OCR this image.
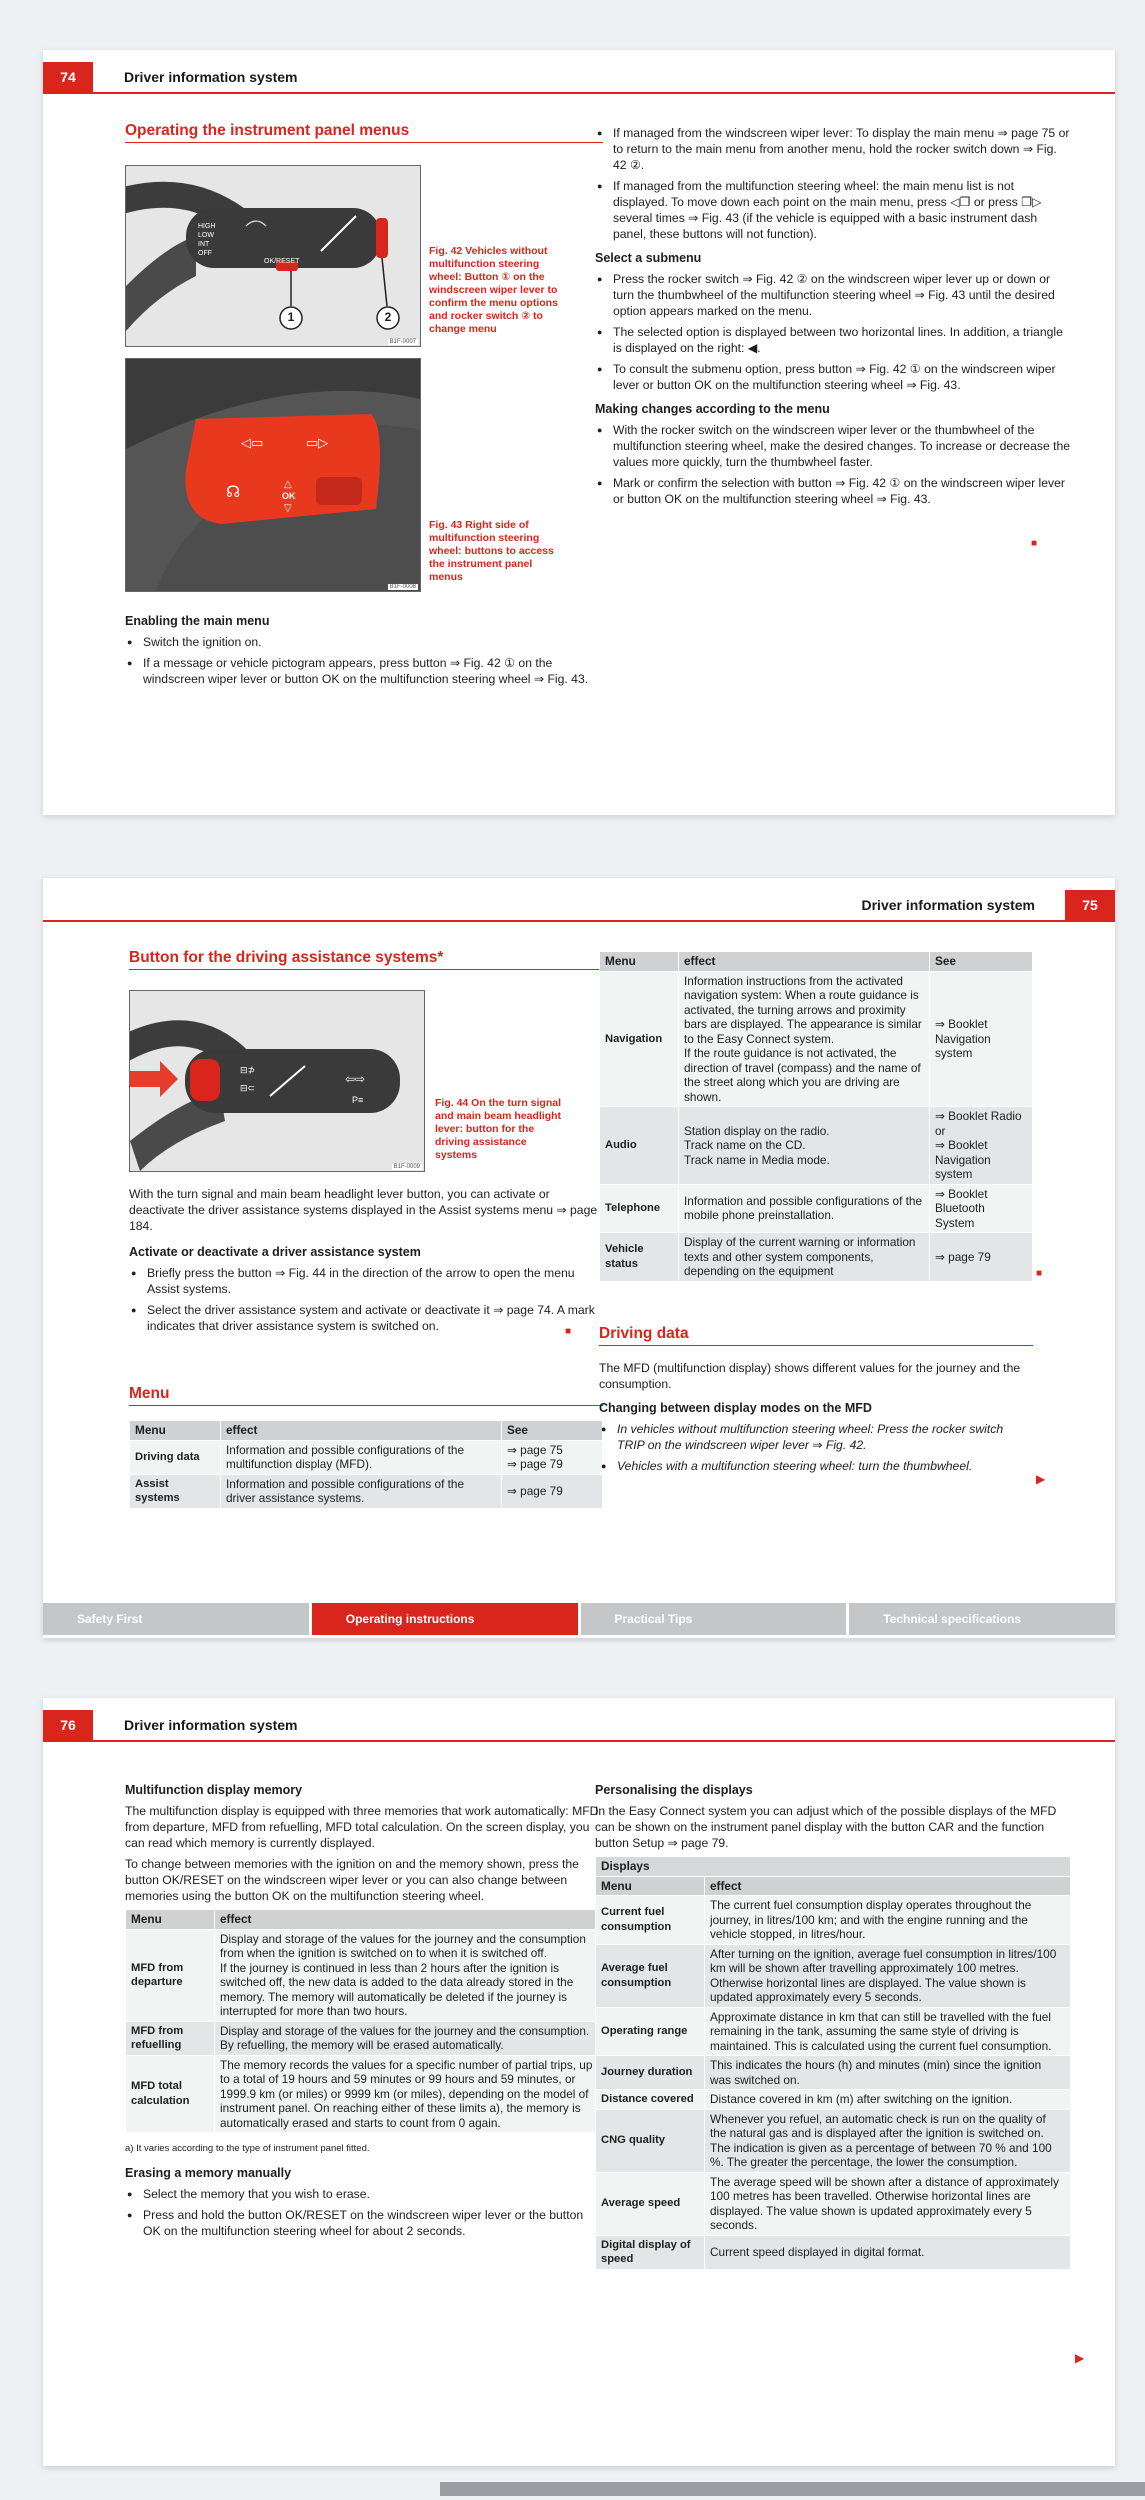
74	Driver information system
Operating the instrument panel menus
HIGH
LOW
INT
OFF
OK/RESET
1	2
B1F-0007
Fig. 42 Vehicles without multifunction steering wheel: Button ① on the windscreen wiper lever to confirm the menu options and rocker switch ② to change menu
◁▭	▭▷
☊	△
OK
▽
B1F-0008
Fig. 43 Right side of multifunction steering wheel: buttons to access the instrument panel menus
Enabling the main menu
● Switch the ignition on.
● If a message or vehicle pictogram appears, press button ⇒ Fig. 42 ① on the windscreen wiper lever or button OK on the multifunction steering wheel ⇒ Fig. 43.
● If managed from the windscreen wiper lever: To display the main menu ⇒ page 75 or to return to the main menu from another menu, hold the rocker switch down ⇒ Fig. 42 ②.
● If managed from the multifunction steering wheel: the main menu list is not displayed. To move down each point on the main menu, press ◁❐ or press ❐▷ several times ⇒ Fig. 43 (if the vehicle is equipped with a basic instrument dash panel, these buttons will not function).
Select a submenu
● Press the rocker switch ⇒ Fig. 42 ② on the windscreen wiper lever up or down or turn the thumbwheel of the multifunction steering wheel ⇒ Fig. 43 until the desired option appears marked on the menu.
● The selected option is displayed between two horizontal lines. In addition, a triangle is displayed on the right: ◀.
● To consult the submenu option, press button ⇒ Fig. 42 ① on the windscreen wiper lever or button OK on the multifunction steering wheel ⇒ Fig. 43.
Making changes according to the menu
● With the rocker switch on the windscreen wiper lever or the thumbwheel of the multifunction steering wheel, make the desired changes. To increase or decrease the values more quickly, turn the thumbwheel faster.
● Mark or confirm the selection with button ⇒ Fig. 42 ① on the windscreen wiper lever or button OK on the multifunction steering wheel ⇒ Fig. 43.
■
Driver information system	75
Button for the driving assistance systems*
⊟⊅
⊟⊂
⇦⇨
P≡
B1F-0009
Fig. 44 On the turn signal and main beam headlight lever: button for the driving assistance systems

With the turn signal and main beam headlight lever button, you can activate or deactivate the driver assistance systems displayed in the Assist systems menu ⇒ page 184.

Activate or deactivate a driver assistance system
● Briefly press the button ⇒ Fig. 44 in the direction of the arrow to open the menu Assist systems.
● Select the driver assistance system and activate or deactivate it ⇒ page 74. A mark indicates that driver assistance system is switched on.	■
Menu
Menu	effect	See
Driving data	Information and possible configurations of the multifunction display (MFD).	⇒ page 75
⇒ page 79
Assist systems	Information and possible configurations of the driver assistance systems.	⇒ page 79
Menu	effect	See
Navigation	Information instructions from the activated navigation system: When a route guidance is activated, the turning arrows and proximity bars are displayed. The appearance is similar to the Easy Connect system.
If the route guidance is not activated, the direction of travel (compass) and the name of the street along which you are driving are shown.	⇒ Booklet Navigation system
Audio	Station display on the radio.
Track name on the CD.
Track name in Media mode.	⇒ Booklet Radio or
⇒ Booklet Navigation system
Telephone	Information and possible configurations of the mobile phone preinstallation.	⇒ Booklet Bluetooth System
Vehicle status	Display of the current warning or information texts and other system components, depending on the equipment	⇒ page 79
■
Driving data

The MFD (multifunction display) shows different values for the journey and the consumption.

Changing between display modes on the MFD
● In vehicles without multifunction steering wheel: Press the rocker switch TRIP on the windscreen wiper lever ⇒ Fig. 42.
● Vehicles with a multifunction steering wheel: turn the thumbwheel.
▶
Safety First	Operating instructions	Practical Tips	Technical specifications
76	Driver information system
Multifunction display memory

The multifunction display is equipped with three memories that work automatically: MFD from departure, MFD from refuelling, MFD total calculation. On the screen display, you can read which memory is currently displayed.

To change between memories with the ignition on and the memory shown, press the button OK/RESET on the windscreen wiper lever or you can also change between memories using the button OK on the multifunction steering wheel.

Menu	effect
MFD from departure	Display and storage of the values for the journey and the consumption from when the ignition is switched on to when it is switched off.
If the journey is continued in less than 2 hours after the ignition is switched off, the new data is added to the data already stored in the memory. The memory will automatically be deleted if the journey is interrupted for more than two hours.
MFD from refuelling	Display and storage of the values for the journey and the consumption. By refuelling, the memory will be erased automatically.
MFD total calculation	The memory records the values for a specific number of partial trips, up to a total of 19 hours and 59 minutes or 99 hours and 59 minutes, or 1999.9 km (or miles) or 9999 km (or miles), depending on the model of instrument panel. On reaching either of these limits a), the memory is automatically erased and starts to count from 0 again.

a) It varies according to the type of instrument panel fitted.

Erasing a memory manually
● Select the memory that you wish to erase.
● Press and hold the button OK/RESET on the windscreen wiper lever or the button OK on the multifunction steering wheel for about 2 seconds.
Personalising the displays

In the Easy Connect system you can adjust which of the possible displays of the MFD can be shown on the instrument panel display with the button CAR and the function button Setup ⇒ page 79.

Displays	
Menu	effect
Current fuel consumption	The current fuel consumption display operates throughout the journey, in litres/100 km; and with the engine running and the vehicle stopped, in litres/hour.
Average fuel consumption	After turning on the ignition, average fuel consumption in litres/100 km will be shown after travelling approximately 100 metres. Otherwise horizontal lines are displayed. The value shown is updated approximately every 5 seconds.
Operating range	Approximate distance in km that can still be travelled with the fuel remaining in the tank, assuming the same style of driving is maintained. This is calculated using the current fuel consumption.
Journey duration	This indicates the hours (h) and minutes (min) since the ignition was switched on.
Distance covered	Distance covered in km (m) after switching on the ignition.
CNG quality	Whenever you refuel, an automatic check is run on the quality of the natural gas and is displayed after the ignition is switched on. The indication is given as a percentage of between 70 % and 100 %. The greater the percentage, the lower the consumption.
Average speed	The average speed will be shown after a distance of approximately 100 metres has been travelled. Otherwise horizontal lines are displayed. The value shown is updated approximately every 5 seconds.
Digital display of speed	Current speed displayed in digital format.
▶
